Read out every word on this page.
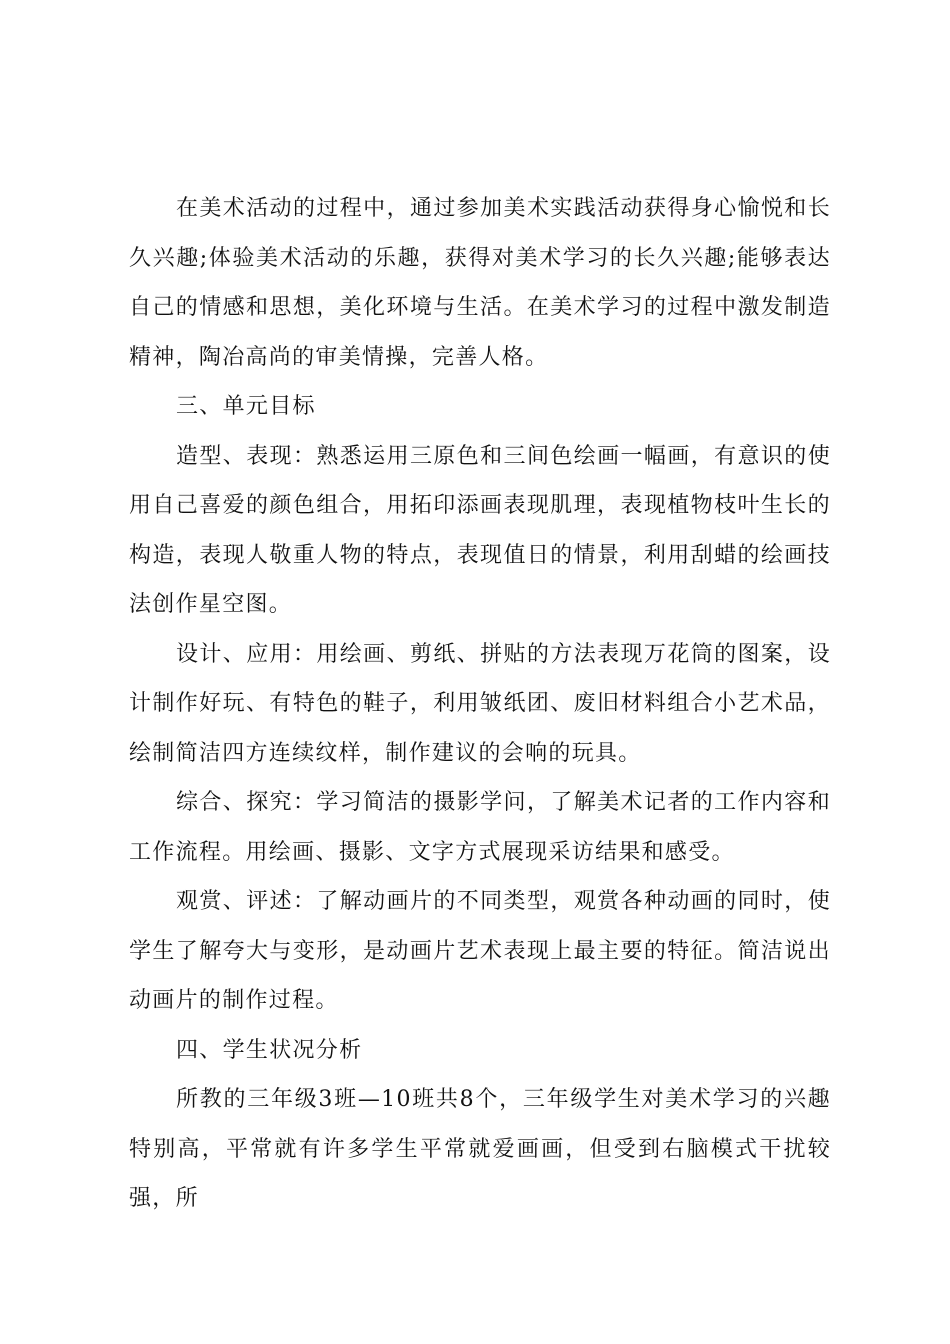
在美术活动的过程中，通过参加美术实践活动获得身心愉悦和长久兴趣;体验美术活动的乐趣，获得对美术学习的长久兴趣;能够表达自己的情感和思想，美化环境与生活。在美术学习的过程中激发制造精神，陶冶高尚的审美情操，完善人格。

三、单元目标

造型、表现：熟悉运用三原色和三间色绘画一幅画，有意识的使用自己喜爱的颜色组合，用拓印添画表现肌理，表现植物枝叶生长的构造，表现人敬重人物的特点，表现值日的情景，利用刮蜡的绘画技法创作星空图。

设计、应用：用绘画、剪纸、拼贴的方法表现万花筒的图案，设计制作好玩、有特色的鞋子，利用皱纸团、废旧材料组合小艺术品，绘制简洁四方连续纹样，制作建议的会响的玩具。

综合、探究：学习简洁的摄影学问，了解美术记者的工作内容和工作流程。用绘画、摄影、文字方式展现采访结果和感受。

观赏、评述：了解动画片的不同类型，观赏各种动画的同时，使学生了解夸大与变形，是动画片艺术表现上最主要的特征。简洁说出动画片的制作过程。

四、学生状况分析

所教的三年级3班—10班共8个，三年级学生对美术学习的兴趣特别高，平常就有许多学生平常就爱画画，但受到右脑模式干扰较强，所
